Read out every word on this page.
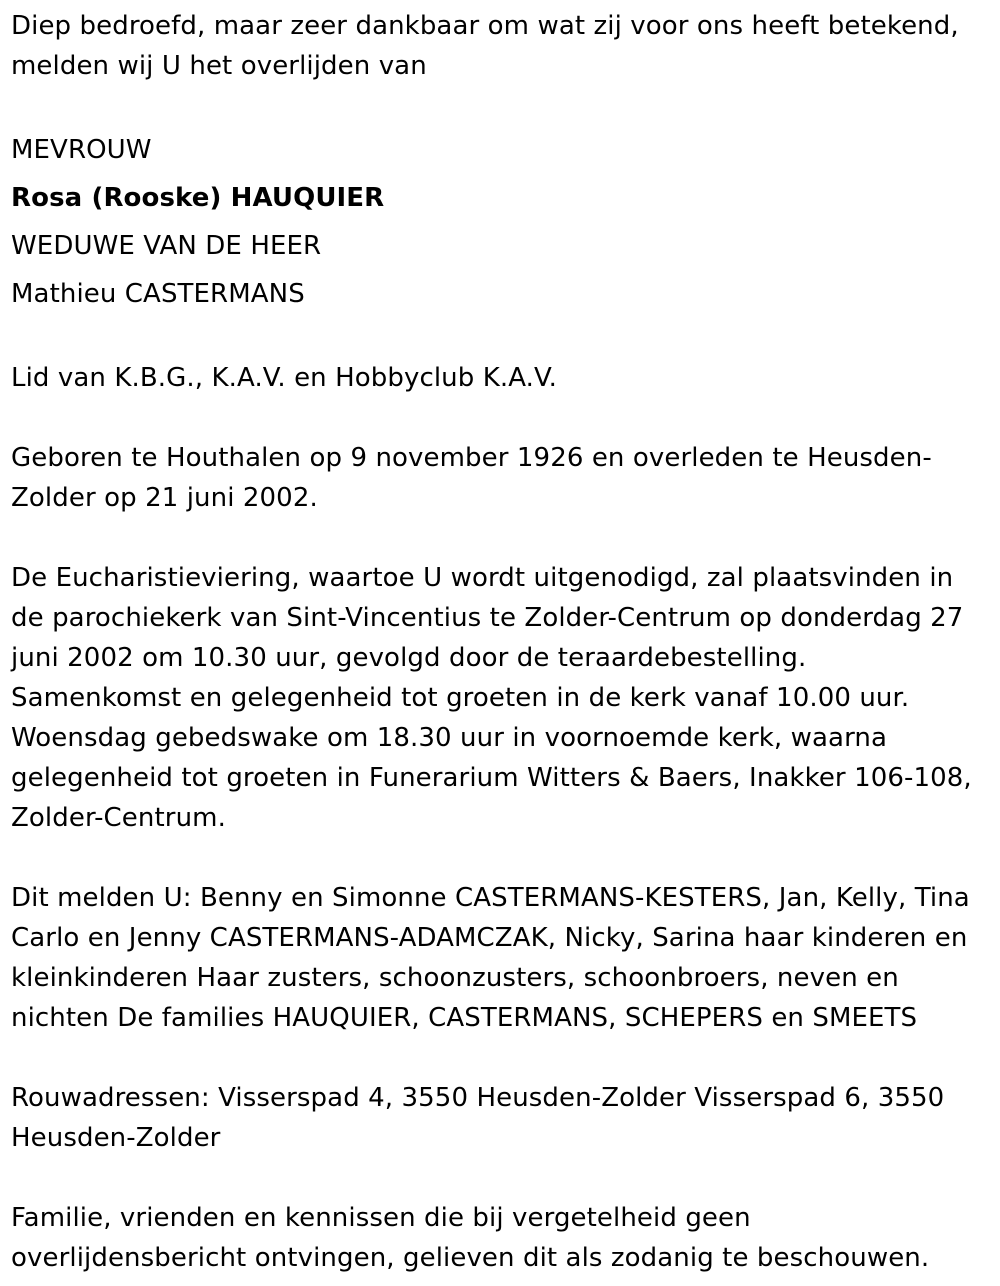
Diep bedroefd, maar zeer dankbaar om wat zij voor ons heeft betekend,

melden wij U het overlijden van

MEVROUW

Rosa (Rooske) HAUQUIER

WEDUWE VAN DE HEER

Mathieu CASTERMANS

Lid van K.B.G., K.A.V. en Hobbyclub K.A.V.

Geboren te Houthalen op 9 november 1926 en overleden te Heusden-

Zolder op 21 juni 2002.

De Eucharistieviering, waartoe U wordt uitgenodigd, zal plaatsvinden in

de parochiekerk van Sint-Vincentius te Zolder-Centrum op donderdag 27

juni 2002 om 10.30 uur, gevolgd door de teraardebestelling.

Samenkomst en gelegenheid tot groeten in de kerk vanaf 10.00 uur.

Woensdag gebedswake om 18.30 uur in voornoemde kerk, waarna

gelegenheid tot groeten in Funerarium Witters & Baers, Inakker 106-108,

Zolder-Centrum.

Dit melden U: Benny en Simonne CASTERMANS-KESTERS, Jan, Kelly, Tina

Carlo en Jenny CASTERMANS-ADAMCZAK, Nicky, Sarina haar kinderen en

kleinkinderen Haar zusters, schoonzusters, schoonbroers, neven en

nichten De families HAUQUIER, CASTERMANS, SCHEPERS en SMEETS

Rouwadressen: Visserspad 4, 3550 Heusden-Zolder Visserspad 6, 3550

Heusden-Zolder

Familie, vrienden en kennissen die bij vergetelheid geen

overlijdensbericht ontvingen, gelieven dit als zodanig te beschouwen.
